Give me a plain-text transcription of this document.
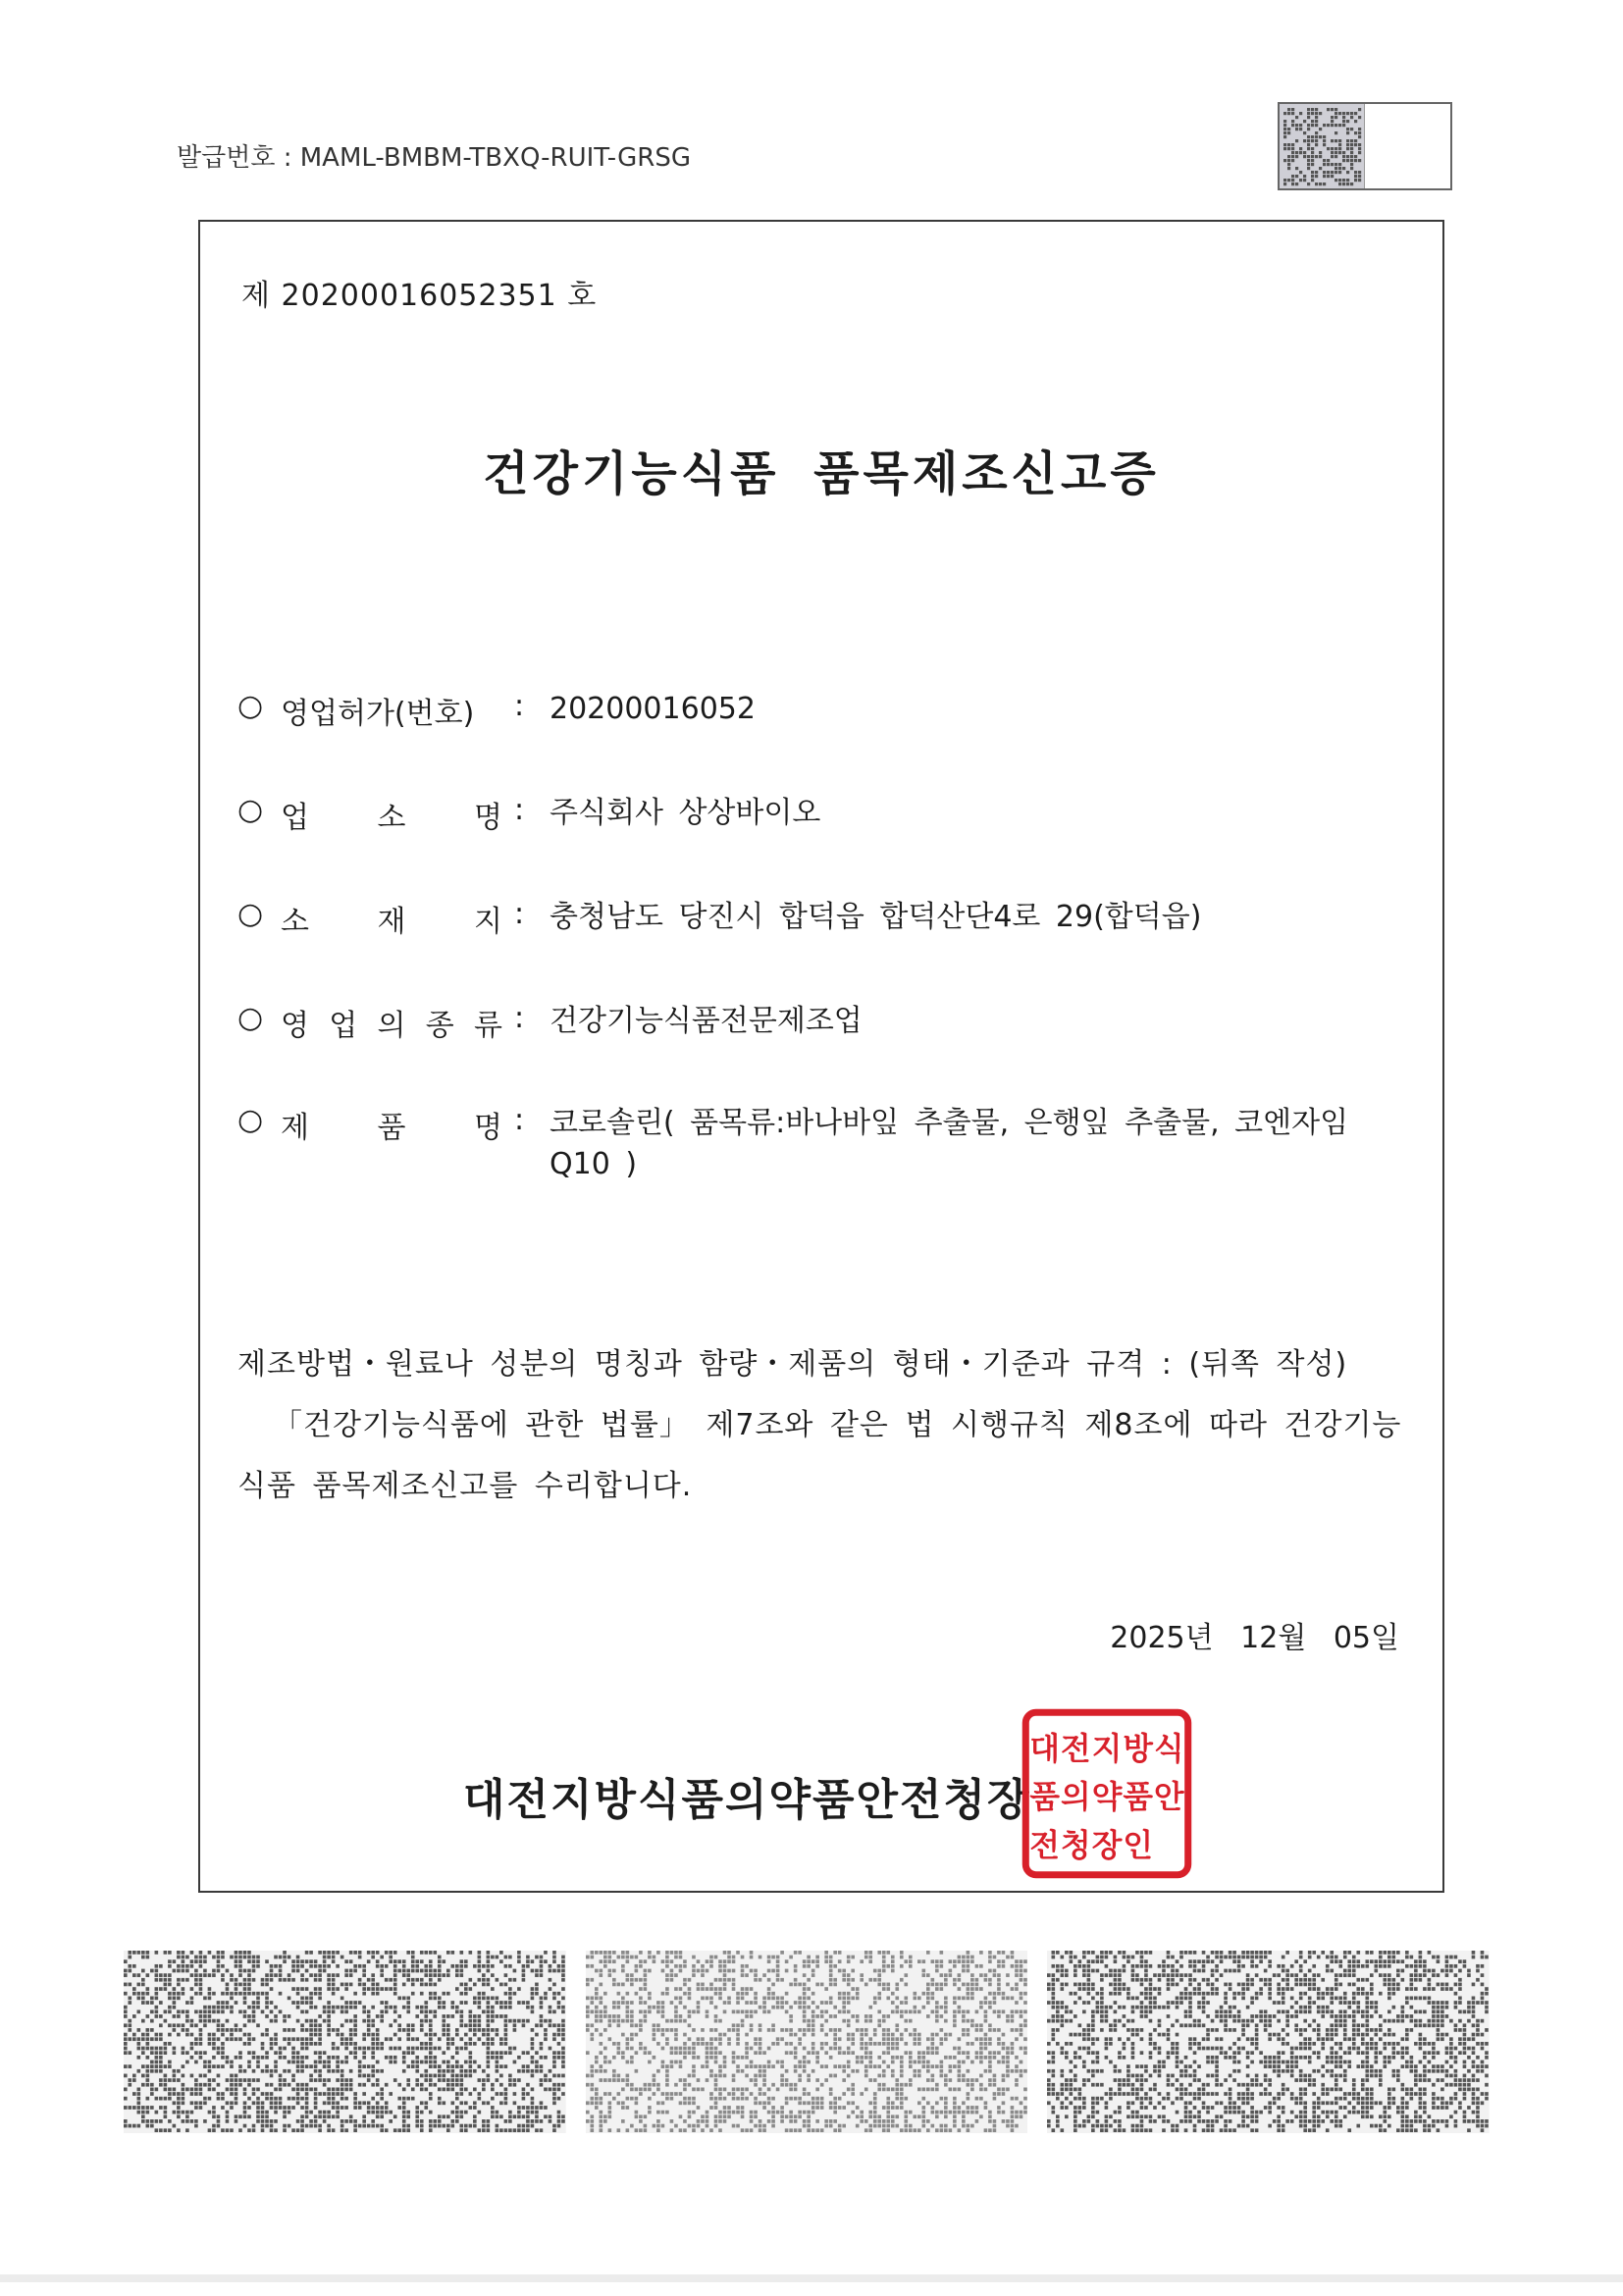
발급번호 : MAML-BMBM-TBXQ-RUIT-GRSG
제 20200016052351 호
건강기능식품 품목제조신고증
○ 영업허가(번호) : 20200016052
○ 업 소 명 : 주식회사 상상바이오
○ 소 재 지 : 충청남도 당진시 합덕읍 합덕산단4로 29(합덕읍)
○ 영 업 의 종 류 : 건강기능식품전문제조업
○ 제 품 명 : 코로솔린( 품목류:바나바잎 추출물, 은행잎 추출물, 코엔자임Q10 )
제조방법・원료나 성분의 명칭과 함량・제품의 형태・기준과 규격 : (뒤쪽 작성)
「건강기능식품에 관한 법률」 제7조와 같은 법 시행규칙 제8조에 따라 건강기능식품 품목제조신고를 수리합니다.
2025년 12월 05일
대전지방식품의약품안전청장
대 전 지 방 식
품 의 약 품 안
전 청 장 인
